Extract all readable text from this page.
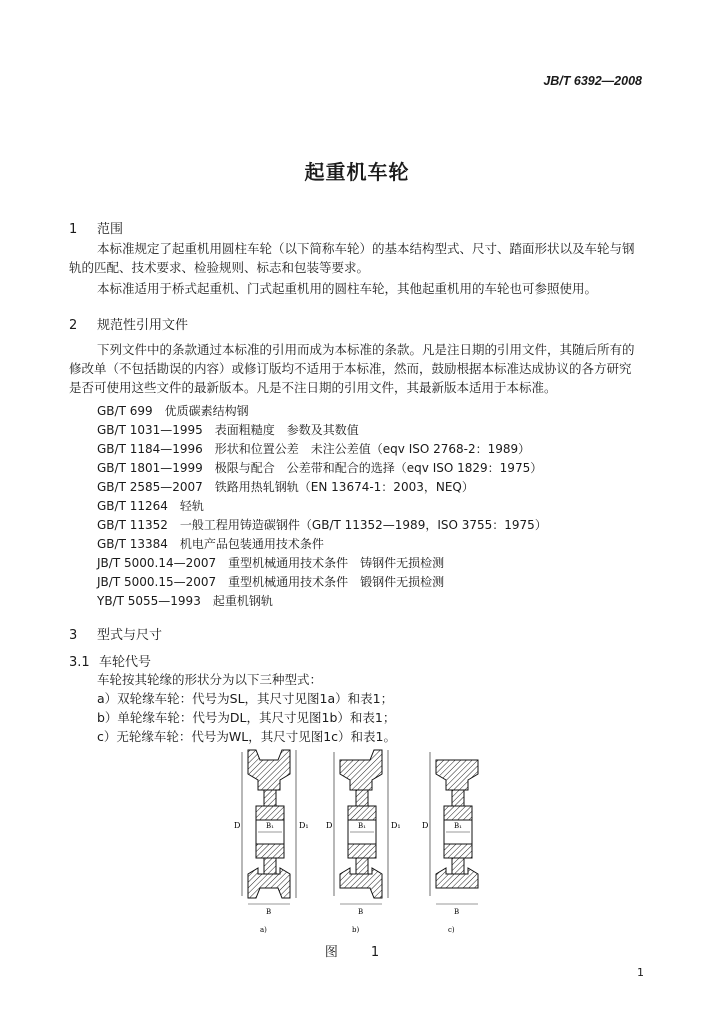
JB/T 6392—2008
起重机车轮
1 范围
本标准规定了起重机用圆柱车轮（以下简称车轮）的基本结构型式、尺寸、踏面形状以及车轮与钢
轨的匹配、技术要求、检验规则、标志和包装等要求。
本标准适用于桥式起重机、门式起重机用的圆柱车轮，其他起重机用的车轮也可参照使用。
2 规范性引用文件
下列文件中的条款通过本标准的引用而成为本标准的条款。凡是注日期的引用文件，其随后所有的
修改单（不包括勘误的内容）或修订版均不适用于本标准，然而，鼓励根据本标准达成协议的各方研究
是否可使用这些文件的最新版本。凡是不注日期的引用文件，其最新版本适用于本标准。
GB/T 699　优质碳素结构钢
GB/T 1031—1995　表面粗糙度　参数及其数值
GB/T 1184—1996　形状和位置公差　未注公差值（eqv ISO 2768-2：1989）
GB/T 1801—1999　极限与配合　公差带和配合的选择（eqv ISO 1829：1975）
GB/T 2585—2007　铁路用热轧钢轨（EN 13674-1：2003，NEQ）
GB/T 11264　轻轨
GB/T 11352　一般工程用铸造碳钢件（GB/T 11352—1989，ISO 3755：1975）
GB/T 13384　机电产品包装通用技术条件
JB/T 5000.14—2007　重型机械通用技术条件　铸钢件无损检测
JB/T 5000.15—2007　重型机械通用技术条件　锻钢件无损检测
YB/T 5055—1993　起重机钢轨
3 型式与尺寸
3.1 车轮代号
车轮按其轮缘的形状分为以下三种型式：
a）双轮缘车轮：代号为SL，其尺寸见图1a）和表1；
b）单轮缘车轮：代号为DL，其尺寸见图1b）和表1；
c）无轮缘车轮：代号为WL，其尺寸见图1c）和表1。
D	D₁
B₁
B
a)
D	D₁
B₁
B
b)
D	B₁
B
c)
图　1
1
